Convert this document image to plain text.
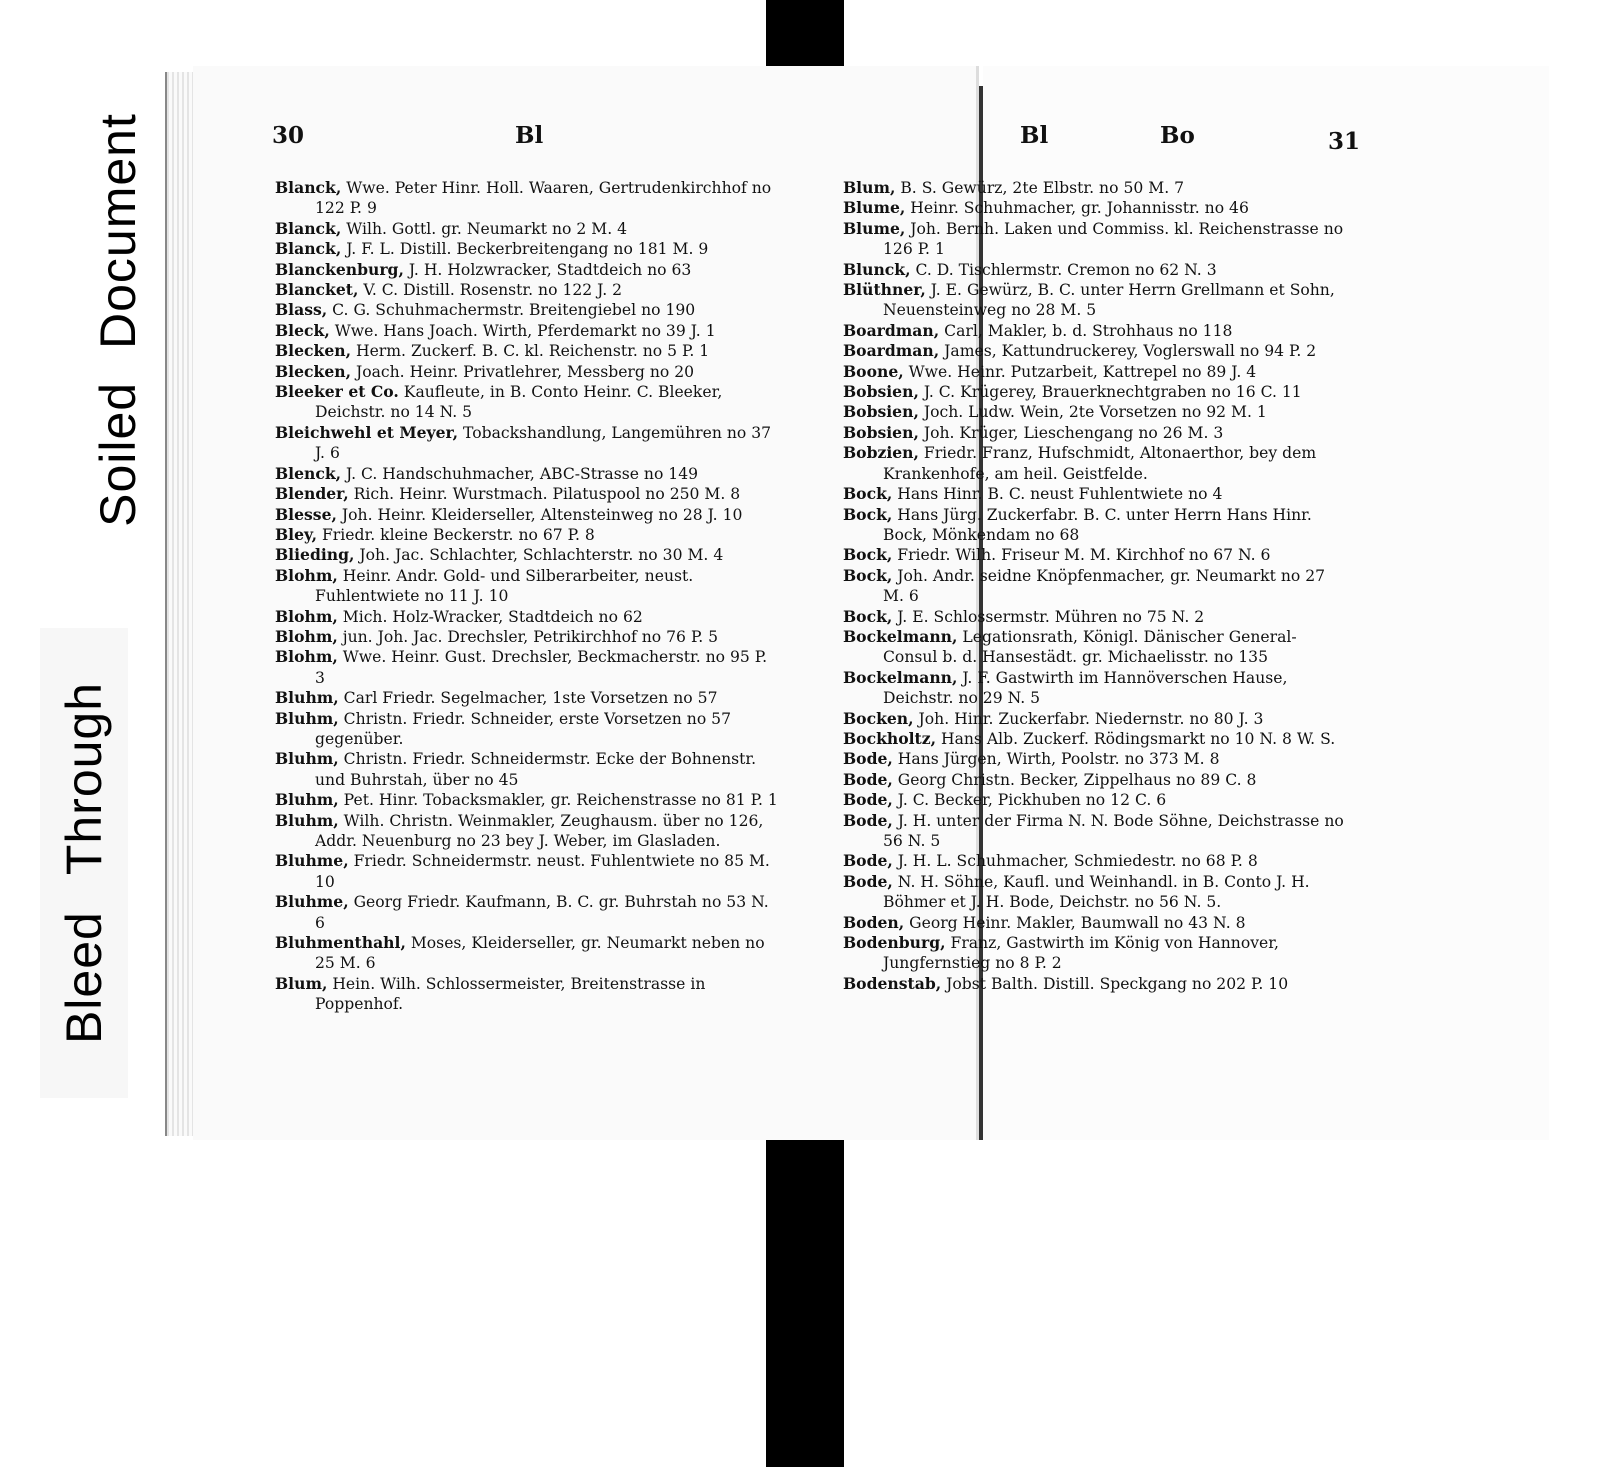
Soiled Document
Bleed Through
30	Bl	Bl	Bo	31
Blanck, Wwe. Peter Hinr. Holl. Waaren, Gertrudenkirchhof no 122 P. 9
Blanck, Wilh. Gottl. gr. Neumarkt no 2 M. 4
Blanck, J. F. L. Distill. Beckerbreitengang no 181 M. 9
Blanckenburg, J. H. Holzwracker, Stadtdeich no 63
Blancket, V. C. Distill. Rosenstr. no 122 J. 2
Blass, C. G. Schuhmachermstr. Breitengiebel no 190
Bleck, Wwe. Hans Joach. Wirth, Pferdemarkt no 39 J. 1
Blecken, Herm. Zuckerf. B. C. kl. Reichenstr. no 5 P. 1
Blecken, Joach. Heinr. Privatlehrer, Messberg no 20
Bleeker et Co. Kaufleute, in B. Conto Heinr. C. Bleeker, Deichstr. no 14 N. 5
Bleichwehl et Meyer, Tobackshandlung, Langemühren no 37 J. 6
Blenck, J. C. Handschuhmacher, ABC-Strasse no 149
Blender, Rich. Heinr. Wurstmach. Pilatuspool no 250 M. 8
Blesse, Joh. Heinr. Kleiderseller, Altensteinweg no 28 J. 10
Bley, Friedr. kleine Beckerstr. no 67 P. 8
Blieding, Joh. Jac. Schlachter, Schlachterstr. no 30 M. 4
Blohm, Heinr. Andr. Gold- und Silberarbeiter, neust. Fuhlentwiete no 11 J. 10
Blohm, Mich. Holz-Wracker, Stadtdeich no 62
Blohm, jun. Joh. Jac. Drechsler, Petrikirchhof no 76 P. 5
Blohm, Wwe. Heinr. Gust. Drechsler, Beckmacherstr. no 95 P. 3
Bluhm, Carl Friedr. Segelmacher, 1ste Vorsetzen no 57
Bluhm, Christn. Friedr. Schneider, erste Vorsetzen no 57 gegenüber.
Bluhm, Christn. Friedr. Schneidermstr. Ecke der Bohnenstr. und Buhrstah, über no 45
Bluhm, Pet. Hinr. Tobacksmakler, gr. Reichenstrasse no 81 P. 1
Bluhm, Wilh. Christn. Weinmakler, Zeughausm. über no 126, Addr. Neuenburg no 23 bey J. Weber, im Glasladen.
Bluhme, Friedr. Schneidermstr. neust. Fuhlentwiete no 85 M. 10
Bluhme, Georg Friedr. Kaufmann, B. C. gr. Buhrstah no 53 N. 6
Bluhmenthahl, Moses, Kleiderseller, gr. Neumarkt neben no 25 M. 6
Blum, Hein. Wilh. Schlossermeister, Breitenstrasse in Poppenhof.
Blum, B. S. Gewürz, 2te Elbstr. no 50 M. 7
Blume, Heinr. Schuhmacher, gr. Johannisstr. no 46
Blume, Joh. Bernh. Laken und Commiss. kl. Reichenstrasse no 126 P. 1
Blunck, C. D. Tischlermstr. Cremon no 62 N. 3
Blüthner, J. E. Gewürz, B. C. unter Herrn Grellmann et Sohn, Neuensteinweg no 28 M. 5
Boardman, Carl, Makler, b. d. Strohhaus no 118
Boardman, James, Kattundruckerey, Voglerswall no 94 P. 2
Boone, Wwe. Heinr. Putzarbeit, Kattrepel no 89 J. 4
Bobsien, J. C. Krügerey, Brauerknechtgraben no 16 C. 11
Bobsien, Joch. Ludw. Wein, 2te Vorsetzen no 92 M. 1
Bobsien, Joh. Krüger, Lieschengang no 26 M. 3
Bobzien, Friedr. Franz, Hufschmidt, Altonaerthor, bey dem Krankenhofe, am heil. Geistfelde.
Bock, Hans Hinr. B. C. neust Fuhlentwiete no 4
Bock, Hans Jürg. Zuckerfabr. B. C. unter Herrn Hans Hinr. Bock, Mönkendam no 68
Bock, Friedr. Wilh. Friseur M. M. Kirchhof no 67 N. 6
Bock, Joh. Andr. seidne Knöpfenmacher, gr. Neumarkt no 27 M. 6
Bock, J. E. Schlossermstr. Mühren no 75 N. 2
Bockelmann, Legationsrath, Königl. Dänischer General-Consul b. d. Hansestädt. gr. Michaelisstr. no 135
Bockelmann, J. F. Gastwirth im Hannöverschen Hause, Deichstr. no 29 N. 5
Bocken, Joh. Hinr. Zuckerfabr. Niedernstr. no 80 J. 3
Bockholtz, Hans Alb. Zuckerf. Rödingsmarkt no 10 N. 8 W. S.
Bode, Hans Jürgen, Wirth, Poolstr. no 373 M. 8
Bode, Georg Christn. Becker, Zippelhaus no 89 C. 8
Bode, J. C. Becker, Pickhuben no 12 C. 6
Bode, J. H. unter der Firma N. N. Bode Söhne, Deichstrasse no 56 N. 5
Bode, J. H. L. Schuhmacher, Schmiedestr. no 68 P. 8
Bode, N. H. Söhne, Kaufl. und Weinhandl. in B. Conto J. H. Böhmer et J. H. Bode, Deichstr. no 56 N. 5.
Boden, Georg Heinr. Makler, Baumwall no 43 N. 8
Bodenburg, Franz, Gastwirth im König von Hannover, Jungfernstieg no 8 P. 2
Bodenstab, Jobst Balth. Distill. Speckgang no 202 P. 10
